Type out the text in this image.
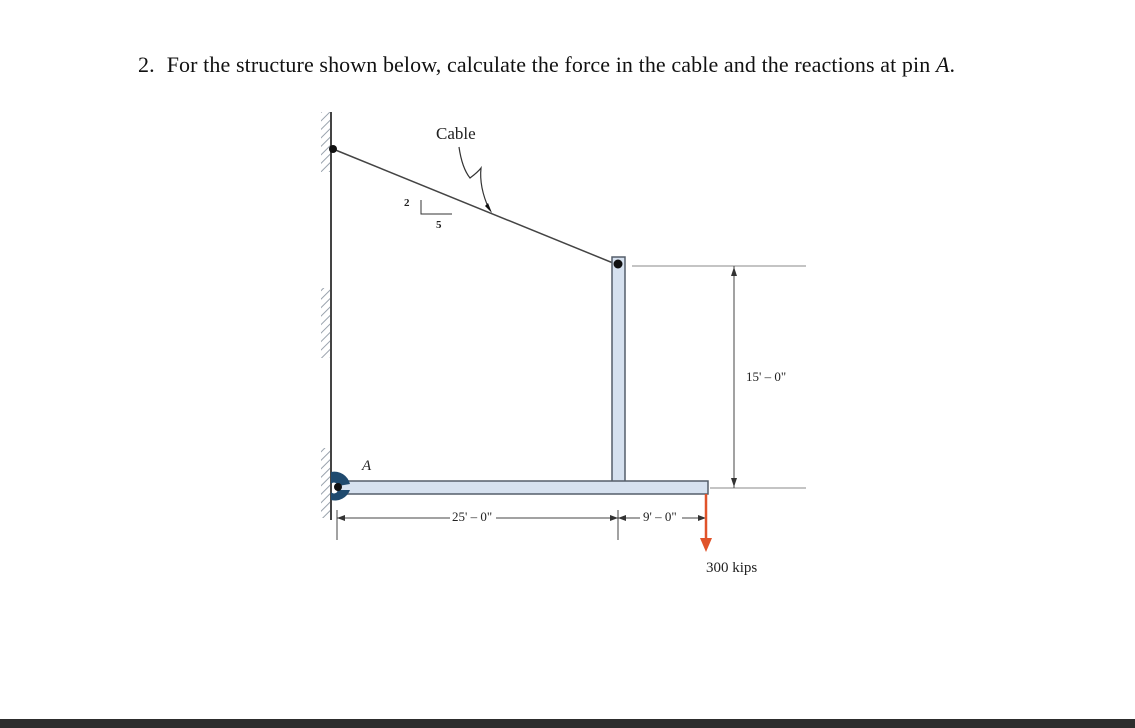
2. For the structure shown below, calculate the force in the cable and the reactions at pin A.
2
5
Cable
A
25' – 0"	9' – 0"
15' – 0"
300 kips
